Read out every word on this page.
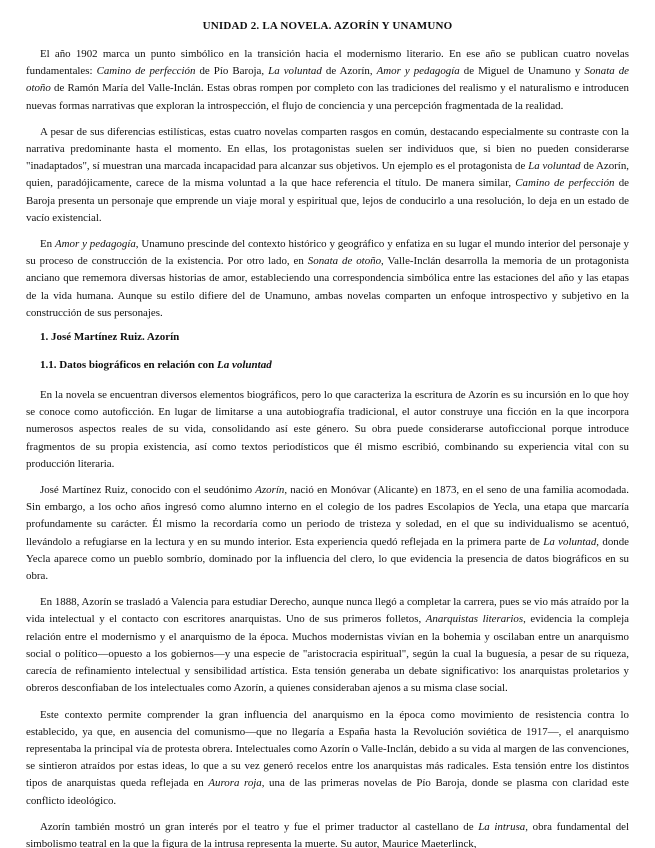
UNIDAD 2. LA NOVELA. AZORÍN Y UNAMUNO

El año 1902 marca un punto simbólico en la transición hacia el modernismo literario. En ese año se publican cuatro novelas fundamentales: Camino de perfección de Pío Baroja, La voluntad de Azorín, Amor y pedagogía de Miguel de Unamuno y Sonata de otoño de Ramón María del Valle-Inclán. Estas obras rompen por completo con las tradiciones del realismo y el naturalismo e introducen nuevas formas narrativas que exploran la introspección, el flujo de conciencia y una percepción fragmentada de la realidad.

A pesar de sus diferencias estilísticas, estas cuatro novelas comparten rasgos en común, destacando especialmente su contraste con la narrativa predominante hasta el momento. En ellas, los protagonistas suelen ser individuos que, si bien no pueden considerarse "inadaptados", sí muestran una marcada incapacidad para alcanzar sus objetivos. Un ejemplo es el protagonista de La voluntad de Azorín, quien, paradójicamente, carece de la misma voluntad a la que hace referencia el título. De manera similar, Camino de perfección de Baroja presenta un personaje que emprende un viaje moral y espiritual que, lejos de conducirlo a una resolución, lo deja en un estado de vacío existencial.

En Amor y pedagogía, Unamuno prescinde del contexto histórico y geográfico y enfatiza en su lugar el mundo interior del personaje y su proceso de construcción de la existencia. Por otro lado, en Sonata de otoño, Valle-Inclán desarrolla la memoria de un protagonista anciano que rememora diversas historias de amor, estableciendo una correspondencia simbólica entre las estaciones del año y las etapas de la vida humana. Aunque su estilo difiere del de Unamuno, ambas novelas comparten un enfoque introspectivo y subjetivo en la construcción de sus personajes.

1. José Martínez Ruiz. Azorín
1.1. Datos biográficos en relación con La voluntad

En la novela se encuentran diversos elementos biográficos, pero lo que caracteriza la escritura de Azorín es su incursión en lo que hoy se conoce como autoficción. En lugar de limitarse a una autobiografía tradicional, el autor construye una ficción en la que incorpora numerosos aspectos reales de su vida, consolidando así este género. Su obra puede considerarse autoficcional porque introduce fragmentos de su propia existencia, así como textos periodísticos que él mismo escribió, combinando su experiencia vital con su producción literaria.

José Martínez Ruiz, conocido con el seudónimo Azorín, nació en Monóvar (Alicante) en 1873, en el seno de una familia acomodada. Sin embargo, a los ocho años ingresó como alumno interno en el colegio de los padres Escolapios de Yecla, una etapa que marcaría profundamente su carácter. Él mismo la recordaría como un periodo de tristeza y soledad, en el que su individualismo se acentuó, llevándolo a refugiarse en la lectura y en su mundo interior. Esta experiencia quedó reflejada en la primera parte de La voluntad, donde Yecla aparece como un pueblo sombrío, dominado por la influencia del clero, lo que evidencia la presencia de datos biográficos en su obra.

En 1888, Azorín se trasladó a Valencia para estudiar Derecho, aunque nunca llegó a completar la carrera, pues se vio más atraído por la vida intelectual y el contacto con escritores anarquistas. Uno de sus primeros folletos, Anarquistas literarios, evidencia la compleja relación entre el modernismo y el anarquismo de la época. Muchos modernistas vivían en la bohemia y oscilaban entre un anarquismo social o político—opuesto a los gobiernos—y una especie de "aristocracia espiritual", según la cual la buguesía, a pesar de su riqueza, carecía de refinamiento intelectual y sensibilidad artística. Esta tensión generaba un debate significativo: los anarquistas proletarios y obreros desconfiaban de los intelectuales como Azorín, a quienes consideraban ajenos a su misma clase social.

Este contexto permite comprender la gran influencia del anarquismo en la época como movimiento de resistencia contra lo establecido, ya que, en ausencia del comunismo—que no llegaría a España hasta la Revolución soviética de 1917—, el anarquismo representaba la principal vía de protesta obrera. Intelectuales como Azorín o Valle-Inclán, debido a su vida al margen de las convenciones, se sintieron atraídos por estas ideas, lo que a su vez generó recelos entre los anarquistas más radicales. Esta tensión entre los distintos tipos de anarquistas queda reflejada en Aurora roja, una de las primeras novelas de Pío Baroja, donde se plasma con claridad este conflicto ideológico.

Azorín también mostró un gran interés por el teatro y fue el primer traductor al castellano de La intrusa, obra fundamental del simbolismo teatral en la que la figura de la intrusa representa la muerte. Su autor, Maurice Maeterlinck,
